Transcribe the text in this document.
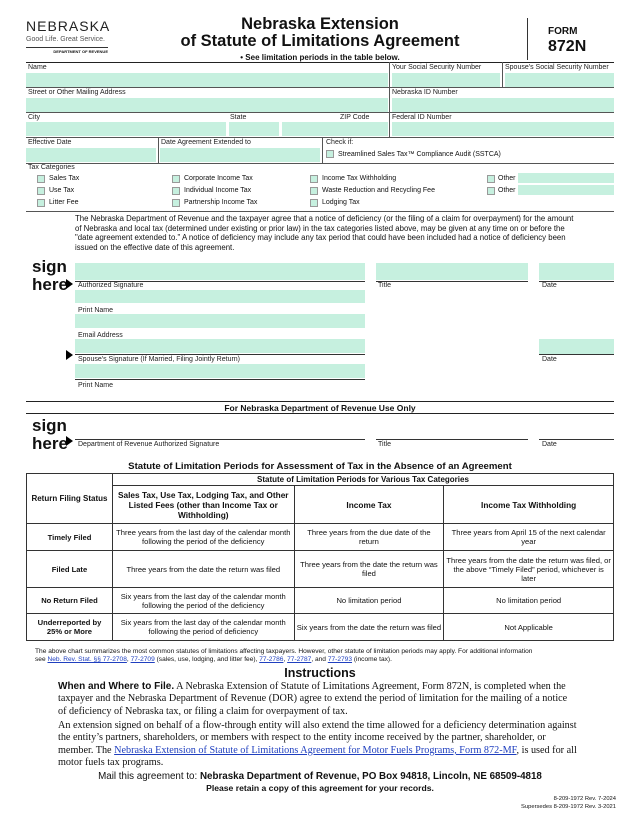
NEBRASKA
Good Life. Great Service.
DEPARTMENT OF REVENUE
Nebraska Extension
of Statute of Limitations Agreement
• See limitation periods in the table below.
FORM
872N
Name	Your Social Security Number	Spouse's Social Security Number
Street or Other Mailing Address	Nebraska ID Number
City	State	ZIP Code	Federal ID Number
Effective Date	Date Agreement Extended to	Check if:
Streamlined Sales Tax™ Compliance Audit (SSTCA)
Tax Categories
Sales Tax
Use Tax
Litter Fee
Corporate Income Tax
Individual Income Tax
Partnership Income Tax
Income Tax Withholding
Waste Reduction and Recycling Fee
Lodging Tax
Other
Other
The Nebraska Department of Revenue and the taxpayer agree that a notice of deficiency (or the filing of a claim for overpayment) for the amount of Nebraska and local tax (determined under existing or prior law) in the tax categories listed above, may be given at any time on or before the "date agreement extended to." A notice of deficiency may include any tax period that could have been included had a notice of deficiency been issued on the effective date of this agreement.
sign
here Authorized Signature	Title	Date
Print Name
Email Address
Spouse's Signature (If Married, Filing Jointly Return)	Date
Print Name
For Nebraska Department of Revenue Use Only
sign
here Department of Revenue Authorized Signature	Title	Date
Statute of Limitation Periods for Assessment of Tax in the Absence of an Agreement
Return Filing Status	Statute of Limitation Periods for Various Tax Categories		
	Sales Tax, Use Tax, Lodging Tax, and Other Listed Fees (other than Income Tax or Withholding)	Income Tax	Income Tax Withholding
Timely Filed	Three years from the last day of the calendar month following the period of the deficiency	Three years from the due date of the return	Three years from April 15 of the next calendar year
Filed Late	Three years from the date the return was filed	Three years from the date the return was filed	Three years from the date the return was filed, or the above “Timely Filed” period, whichever is later
No Return Filed	Six years from the last day of the calendar month following the period of the deficiency	No limitation period	No limitation period
Underreported by 25% or More	Six years from the last day of the calendar month following the period of deficiency	Six years from the date the return was filed	Not Applicable
The above chart summarizes the most common statutes of limitations affecting taxpayers. However, other statute of limitation periods may apply. For additional information
see Neb. Rev. Stat. §§ 77-2708, 77-2709 (sales, use, lodging, and litter fee), 77-2786, 77-2787, and 77-2793 (income tax).
Instructions
When and Where to File. A Nebraska Extension of Statute of Limitations Agreement, Form 872N, is completed when the taxpayer and the Nebraska Department of Revenue (DOR) agree to extend the period of limitation for the mailing of a notice of deficiency of Nebraska tax, or filing a claim for overpayment of tax.
An extension signed on behalf of a flow-through entity will also extend the time allowed for a deficiency determination against the entity’s partners, shareholders, or members with respect to the entity income received by the partner, shareholder, or member. The Nebraska Extension of Statute of Limitations Agreement for Motor Fuels Programs, Form 872-MF, is used for all motor fuels tax programs.
Mail this agreement to: Nebraska Department of Revenue, PO Box 94818, Lincoln, NE 68509-4818
Please retain a copy of this agreement for your records.
8-209-1972 Rev. 7-2024
Supersedes 8-209-1972 Rev. 3-2021
